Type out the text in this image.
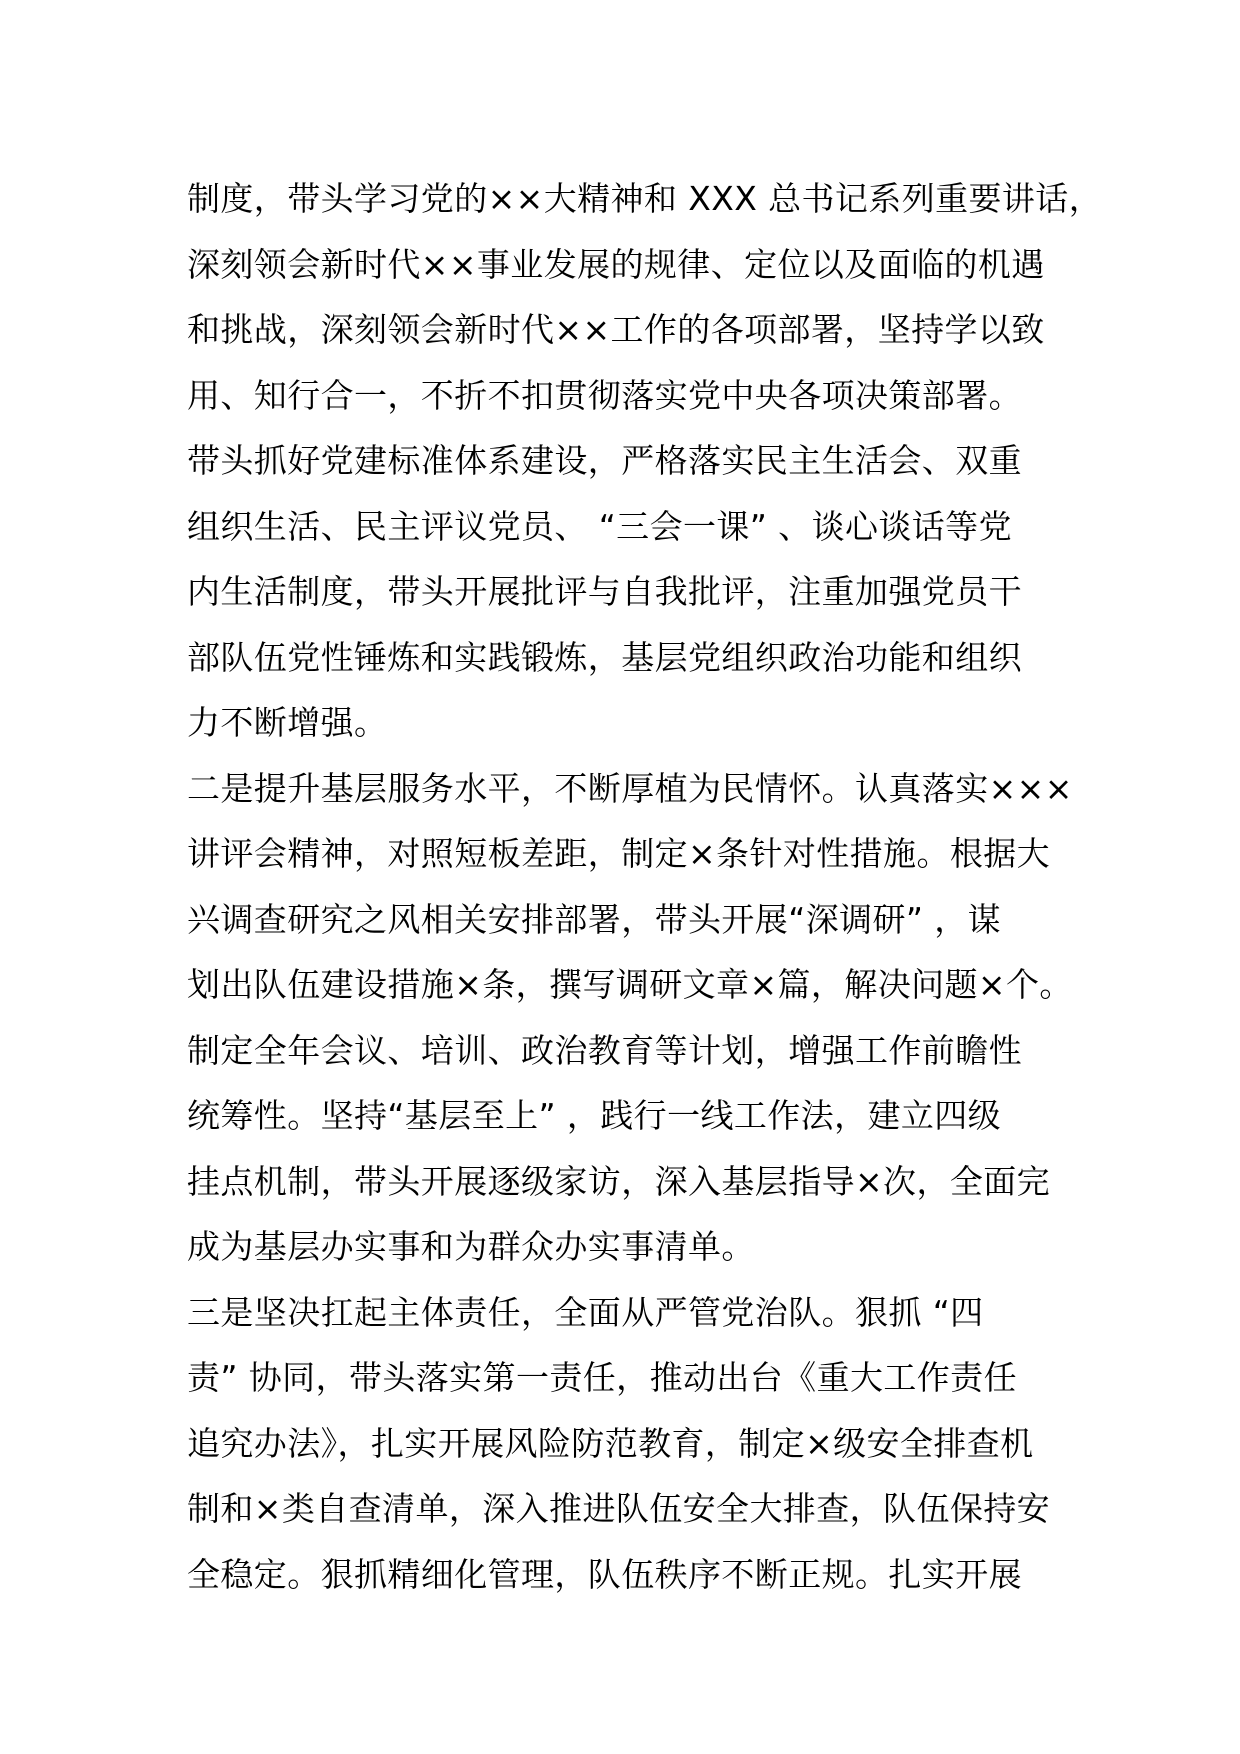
制度，带头学习党的××大精神和 XXX 总书记系列重要讲话，
深刻领会新时代××事业发展的规律、定位以及面临的机遇
和挑战，深刻领会新时代××工作的各项部署，坚持学以致
用、知行合一，不折不扣贯彻落实党中央各项决策部署。
带头抓好党建标准体系建设，严格落实民主生活会、双重
组织生活、民主评议党员、 “三会一课” 、谈心谈话等党
内生活制度，带头开展批评与自我批评，注重加强党员干
部队伍党性锤炼和实践锻炼，基层党组织政治功能和组织
力不断增强。
二是提升基层服务水平，不断厚植为民情怀。认真落实×××
讲评会精神，对照短板差距，制定×条针对性措施。根据大
兴调查研究之风相关安排部署，带头开展“深调研” ，谋
划出队伍建设措施×条，撰写调研文章×篇，解决问题×个。
制定全年会议、培训、政治教育等计划，增强工作前瞻性
统筹性。坚持“基层至上” ，践行一线工作法，建立四级
挂点机制，带头开展逐级家访，深入基层指导×次，全面完
成为基层办实事和为群众办实事清单。
三是坚决扛起主体责任，全面从严管党治队。狠抓 “四
责” 协同，带头落实第一责任，推动出台《重大工作责任
追究办法》，扎实开展风险防范教育，制定×级安全排查机
制和×类自查清单，深入推进队伍安全大排查，队伍保持安
全稳定。狠抓精细化管理，队伍秩序不断正规。扎实开展
